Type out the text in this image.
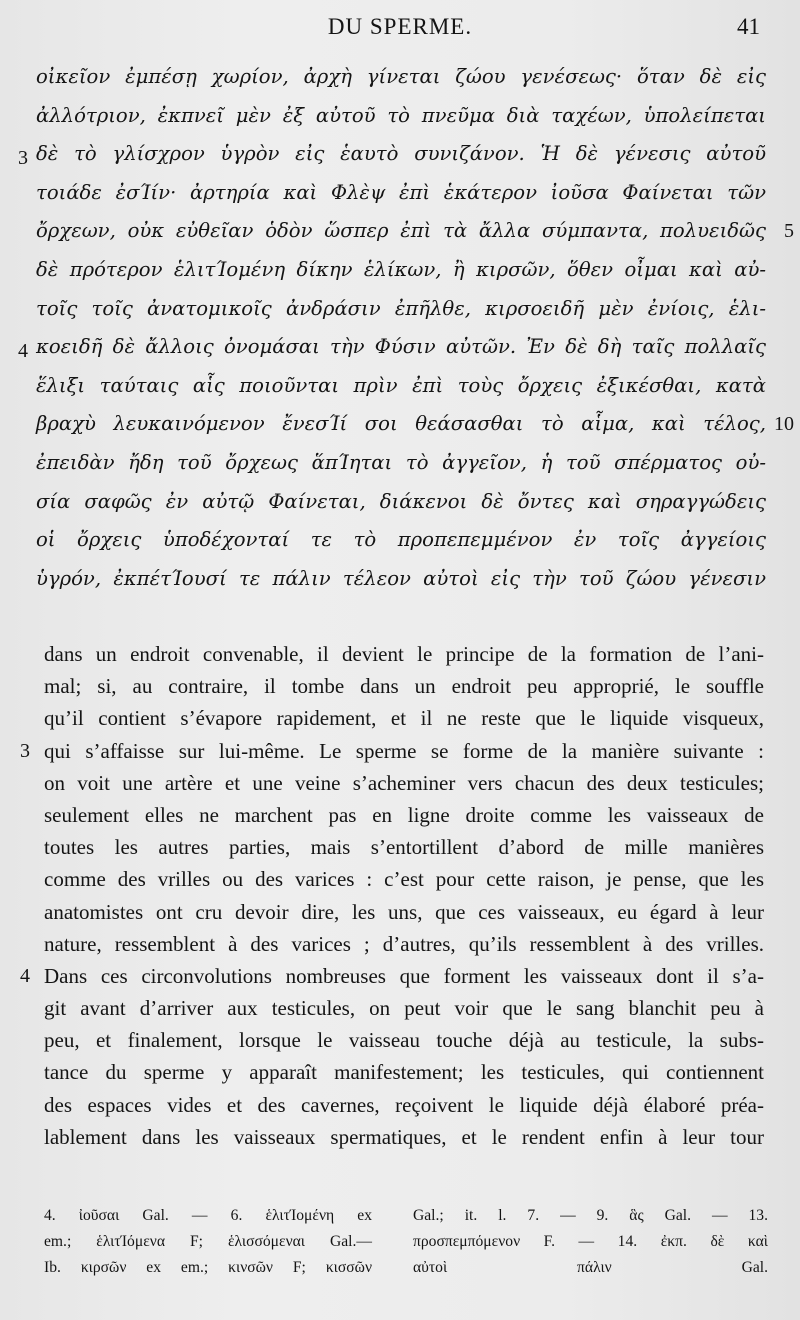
DU SPERME.	41
οἰκεῖον ἐμπέσῃ χωρίον, ἀρχὴ γίνεται ζώου γενέσεως· ὅταν δὲ εἰς
ἀλλότριον, ἐκπνεῖ μὲν ἐξ αὐτοῦ τὸ πνεῦμα διὰ ταχέων, ὑπολείπεται
δὲ τὸ γλίσχρον ὑγρὸν εἰς ἑαυτὸ συνιζάνον. Ἡ δὲ γένεσις αὐτοῦ
3
τοιάδε ἐσΊίν· ἀρτηρία καὶ Φλὲψ ἐπὶ ἑκάτερον ἰοῦσα Φαίνεται τῶν
ὄρχεων, οὐκ εὐθεῖαν ὁδὸν ὥσπερ ἐπὶ τὰ ἄλλα σύμπαντα, πολυειδῶς 5
δὲ πρότερον ἑλιτΊομένη δίκην ἑλίκων, ἢ κιρσῶν, ὅθεν οἶμαι καὶ αὐ-
τοῖς τοῖς ἀνατομικοῖς ἀνδράσιν ἐπῆλθε, κιρσοειδῆ μὲν ἐνίοις, ἑλι-
κοειδῆ δὲ ἄλλοις ὀνομάσαι τὴν Φύσιν αὐτῶν. Ἐν δὲ δὴ ταῖς πολλαῖς
4
ἕλιξι ταύταις αἷς ποιοῦνται πρὶν ἐπὶ τοὺς ὄρχεις ἐξικέσθαι, κατὰ
βραχὺ λευκαινόμενον ἔνεσΊί σοι θεάσασθαι τὸ αἷμα, καὶ τέλος, 10
ἐπειδὰν ἤδη τοῦ ὄρχεως ἅπΊηται τὸ ἀγγεῖον, ἡ τοῦ σπέρματος οὐ-
σία σαφῶς ἐν αὐτῷ Φαίνεται, διάκενοι δὲ ὄντες καὶ σηραγγώδεις
οἱ ὄρχεις ὑποδέχονταί τε τὸ προπεπεμμένον ἐν τοῖς ἀγγείοις
ὑγρόν, ἐκπέτΊουσί τε πάλιν τέλεον αὐτοὶ εἰς τὴν τοῦ ζώου γένεσιν
dans un endroit convenable, il devient le principe de la formation de l’ani-
mal; si, au contraire, il tombe dans un endroit peu approprié, le souffle
qu’il contient s’évapore rapidement, et il ne reste que le liquide visqueux,
qui s’affaisse sur lui-même. Le sperme se forme de la manière suivante :
3
on voit une artère et une veine s’acheminer vers chacun des deux testicules;
seulement elles ne marchent pas en ligne droite comme les vaisseaux de
toutes les autres parties, mais s’entortillent d’abord de mille manières
comme des vrilles ou des varices : c’est pour cette raison, je pense, que les
anatomistes ont cru devoir dire, les uns, que ces vaisseaux, eu égard à leur
nature, ressemblent à des varices ; d’autres, qu’ils ressemblent à des vrilles.
Dans ces circonvolutions nombreuses que forment les vaisseaux dont il s’a-
4
git avant d’arriver aux testicules, on peut voir que le sang blanchit peu à
peu, et finalement, lorsque le vaisseau touche déjà au testicule, la subs-
tance du sperme y apparaît manifestement; les testicules, qui contiennent
des espaces vides et des cavernes, reçoivent le liquide déjà élaboré préa-
lablement dans les vaisseaux spermatiques, et le rendent enfin à leur tour
4. ἰοῦσαι Gal. — 6. ἑλιτΊομένη ex
em.; ἑλιτΊόμενα F; ἑλισσόμεναι Gal.—
Ib. κιρσῶν ex em.; κινσῶν F; κισσῶν
Gal.; it. l. 7. — 9. ἃς Gal. — 13.
προσπεμπόμενον F. — 14. ἐκπ. δὲ καὶ
αὐτοὶ πάλιν Gal.
